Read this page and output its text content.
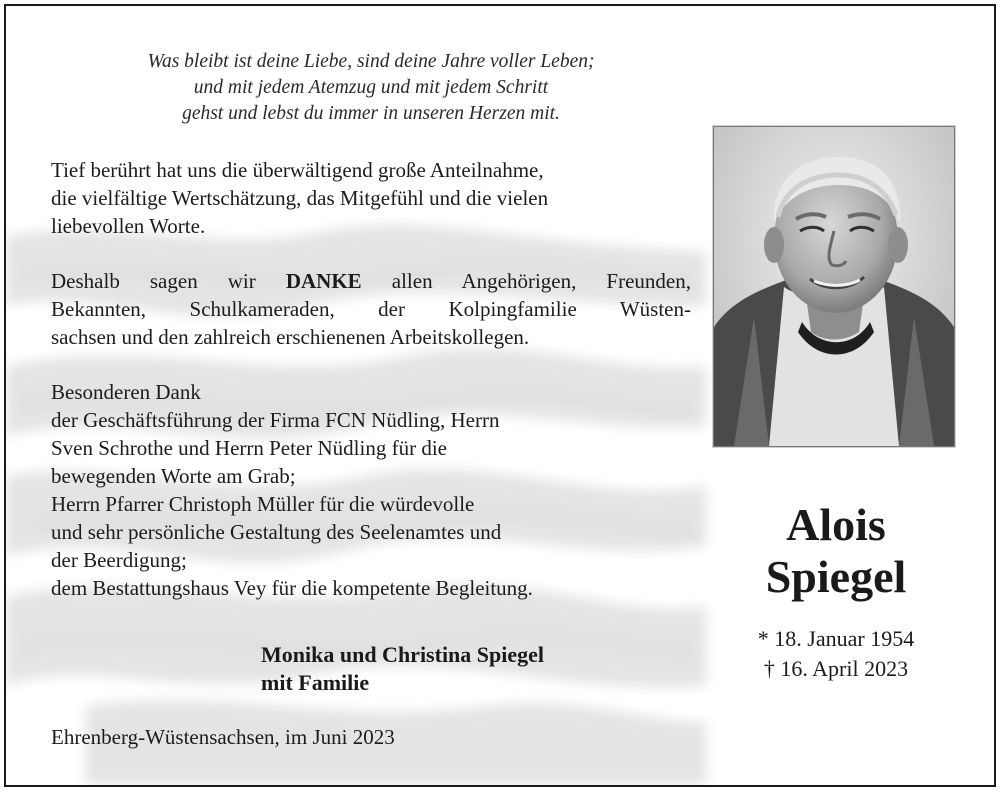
Was bleibt ist deine Liebe, sind deine Jahre voller Leben;
und mit jedem Atemzug und mit jedem Schritt
gehst und lebst du immer in unseren Herzen mit.
Tief berührt hat uns die überwältigend große Anteilnahme,
die vielfältige Wertschätzung, das Mitgefühl und die vielen
liebevollen Worte.
Deshalb sagen wir DANKE allen Angehörigen, Freunden,
Bekannten, Schulkameraden, der Kolpingfamilie Wüsten-
sachsen und den zahlreich erschienenen Arbeitskollegen.
Besonderen Dank
der Geschäftsführung der Firma FCN Nüdling, Herrn
Sven Schrothe und Herrn Peter Nüdling für die
bewegenden Worte am Grab;
Herrn Pfarrer Christoph Müller für die würdevolle
und sehr persönliche Gestaltung des Seelenamtes und
der Beerdigung;
dem Bestattungshaus Vey für die kompetente Begleitung.
Monika und Christina Spiegel
mit Familie
Ehrenberg-Wüstensachsen, im Juni 2023
Alois
Spiegel
* 18. Januar 1954
† 16. April 2023
